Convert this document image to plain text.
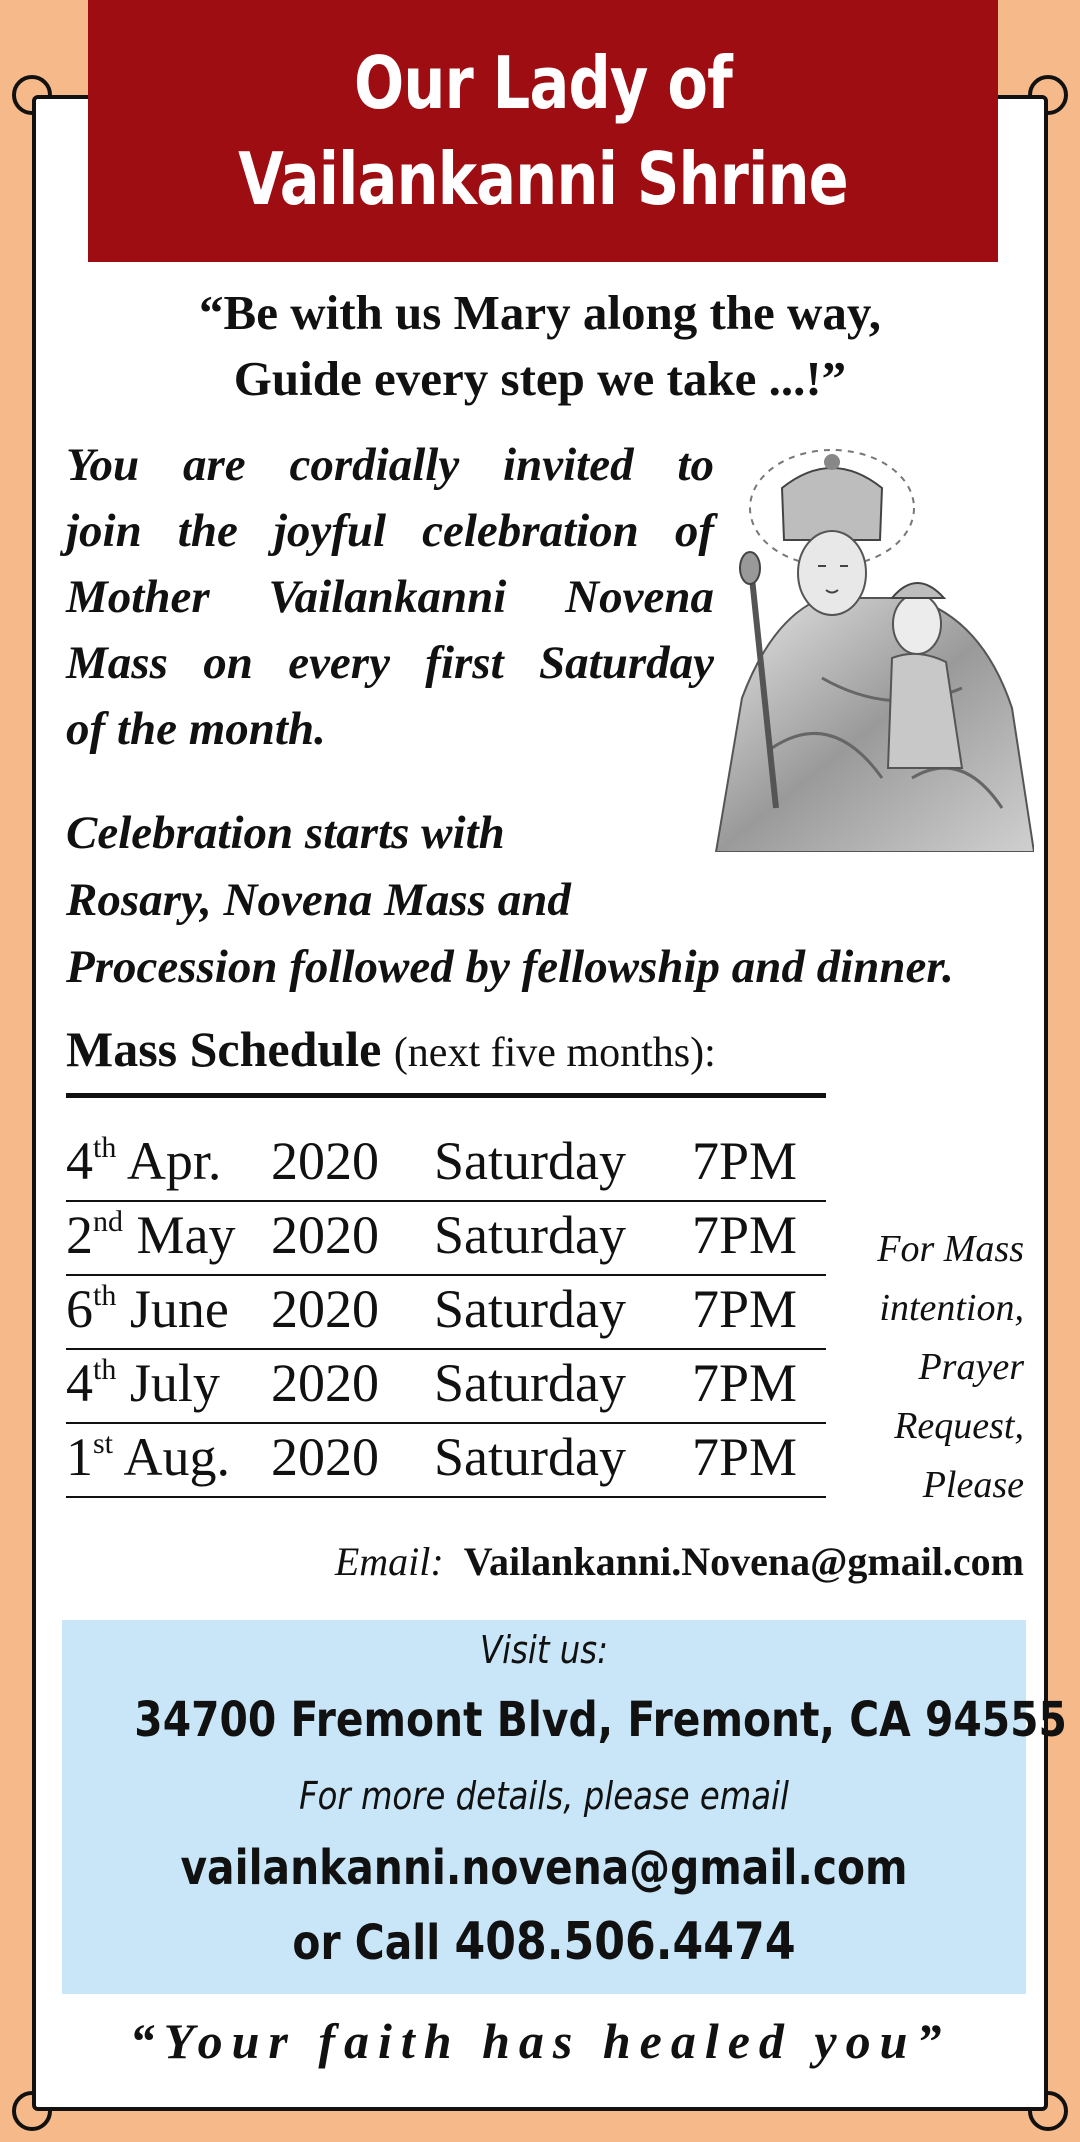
Our Lady of
Vailankanni Shrine
“Be with us Mary along the way,
Guide every step we take ...!”
You are cordially invited to
join the joyful celebration of
Mother Vailankanni Novena
Mass on every first Saturday
of the month.
Celebration starts with
Rosary, Novena Mass and
Procession followed by fellowship and dinner.
Mass Schedule (next five months):
4th Apr. 2020 Saturday 7PM
2nd May 2020 Saturday 7PM
6th June 2020 Saturday 7PM
4th July 2020 Saturday 7PM
1st Aug. 2020 Saturday 7PM
For Mass
intention,
Prayer
Request,
Please
Email: Vailankanni.Novena@gmail.com
Visit us:
34700 Fremont Blvd, Fremont, CA 94555
For more details, please email
vailankanni.novena@gmail.com
or Call 408.506.4474
“Your faith has healed you”
